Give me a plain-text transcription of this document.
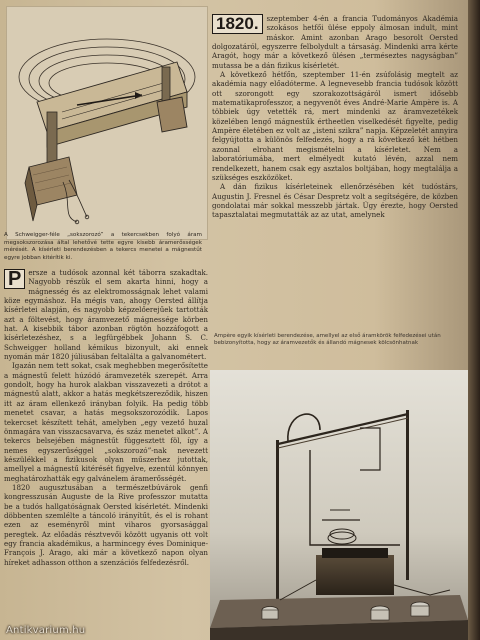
A Schweigger-féle „sokszorozó” a tekercsekben folyó áram megsokszorozása által lehetővé tette egyre kisebb áramerősségek mérését. A kísérleti berendezésben a tekercs menetei a mágnestűt egyre jobban kitérítik ki.
1820.	szeptember 4-én a francia Tudományos Akadémia szokásos hetfői ülése eppoly álmosan indult, mint máskor. Amint azonban Arago besorolt Oersted dolgozatáról, egyszerre felbolydult a társaság. Mindenki arra kérte Aragót, hogy már a következő ülésen „terméseztes nagyságban” mutassa be a dán fizikus kísérletét.

A következő hétfőn, szeptember 11-én zsúfolásig megtelt az akadémia nagy előadóterme. A legnevesebb francia tudósok között ott szorongott egy szorakozottságáról ismert idősebb matematikaprofesszor, a negyvenöt éves André-Marie Ampère is. A többiek úgy vetették rá, mert mindenki az áramvezetékek közelében lengő mágnestűk értheetlen viselkedését figyelte, pedig Ampère életében ez volt az „isteni szikra” napja. Képzeletét annyira felgyújtotta a különös felfedezés, hogy a rá következő két hétben azonnal elrohant megismételni a kísérletet. Nem a laboratóriumába, mert elmélyedt kutató lévén, azzal nem rendelkezett, hanem csak egy asztalos boltjában, hogy megtalálja a szükséges eszközöket.

A dán fizikus kísérleteinek ellenőrzésében két tudóstárs, Augustin J. Fresnel és César Despretz volt a segítségére, de közben gondolatai már sokkal messzebb jártak. Úgy érezte, hogy Oersted tapasztalatai megmutatták az az utat, amelynek

P ersze a tudósok azonnal két táborra szakadtak. Nagyobb részük el sem akarta hinni, hogy a mágnesség és az elektromosságnak lehet valami köze egymáshoz. Ha mégis van, ahogy Oersted állítja kísérletei alapján, és nagyobb képzelőerejűek tartották azt a föltevést, hogy áramvezető mágnessége körben hat. A kisebbik tábor azonban rögtön hozzáfogott a kísérletezéshez, s a legfürgébbek Johann S. C. Schweigger holland kémikus bizonyult, aki ennek nyomán már 1820 júliusában feltalálta a galvanométert.

Igazán nem tett sokat, csak meghebben megerősítette a mágnestű felett húzódó áramvezeték szerepét. Arra gondolt, hogy ha hurok alakban visszavezeti a drótot a mágnestű alatt, akkor a hatás megkétszereződik, hiszen itt az áram ellenkező irányban folyik. Ha pedig több menetet csavar, a hatás megsokszorozódik. Lapos tekercset készített tehát, amelyben „egy vezető huzal önmagára van visszacsavarva, és száz menetet alkot”. A tekercs belsejében mágnestűt függesztett föl, így a nemes egyszerűséggel „sokszorozó”-nak nevezett készülékkel a fizikusok olyan műszerhez jutottak, amellyel a mágnestű kitérését figyelve, ezentúl könnyen meghatározhatták egy galvánelem áramerősségét.

1820 augusztusában a természetbúvárok genfi kongresszusán Auguste de la Rive professzor mutatta be a tudós hallgatóságnak Oersted kísérletét. Mindenki döbbenten szemlélte a táncoló irányítűt, és el is rohant ezen az eseményről mint viharos gyorsasággal peregtek. Az előadás résztvevői között ugyanis ott volt egy francia akadémikus, a harmincegy éves Dominique-François J. Arago, aki már a következő napon olyan híreket adhasson otthon a szenzációs felfedezésről.

Ampère egyik kísérleti berendezése, amellyel az első áramkörök felfedezései után bebizonyította, hogy az áramvezetők és állandó mágnesek kölcsönhatnak
Antikvarium.hu
